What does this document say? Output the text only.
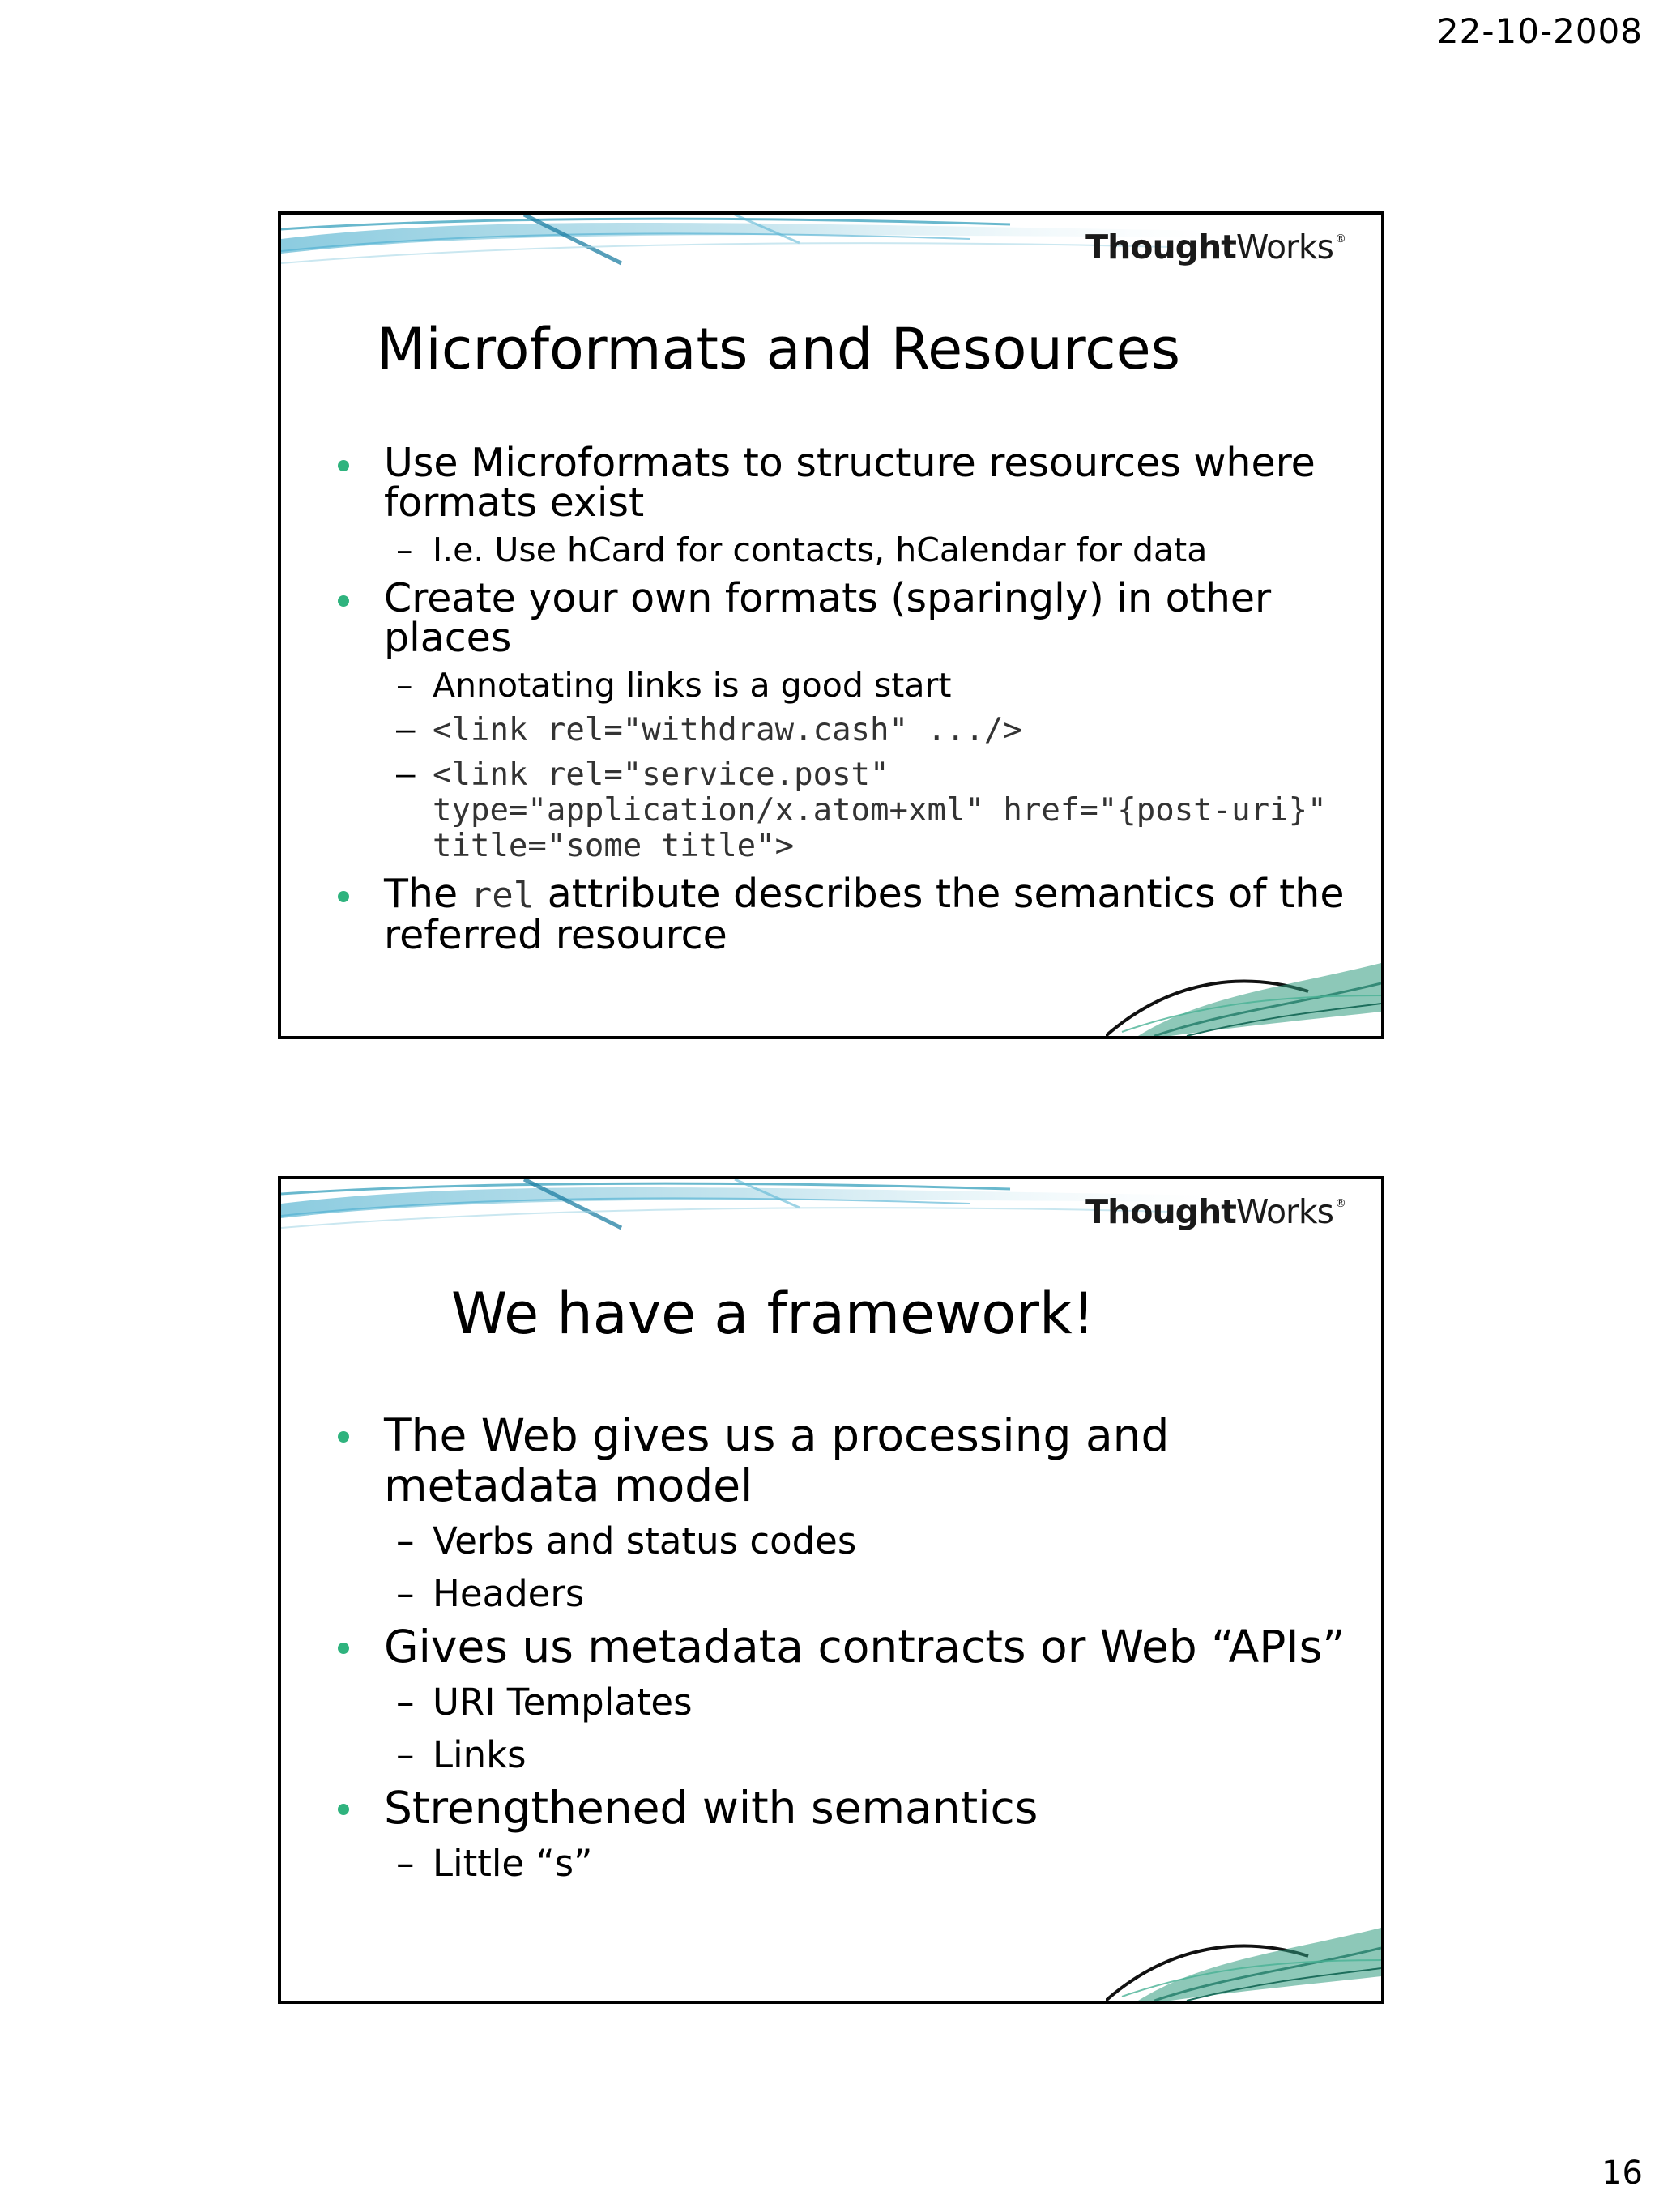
22-10-2008
ThoughtWorks ®
Microformats and Resources
Use Microformats to structure resources where formats exist
– I.e. Use hCard for contacts, hCalendar for data
Create your own formats (sparingly) in other places
– Annotating links is a good start
– <link rel="withdraw.cash" .../>
– <link rel="service.post" type="application/x.atom+xml" href="{post-uri}" title="some title">
The rel attribute describes the semantics of the referred resource
ThoughtWorks ®
We have a framework!
The Web gives us a processing and metadata model
– Verbs and status codes
– Headers
Gives us metadata contracts or Web “APIs”
– URI Templates
– Links
Strengthened with semantics
– Little “s”
16
